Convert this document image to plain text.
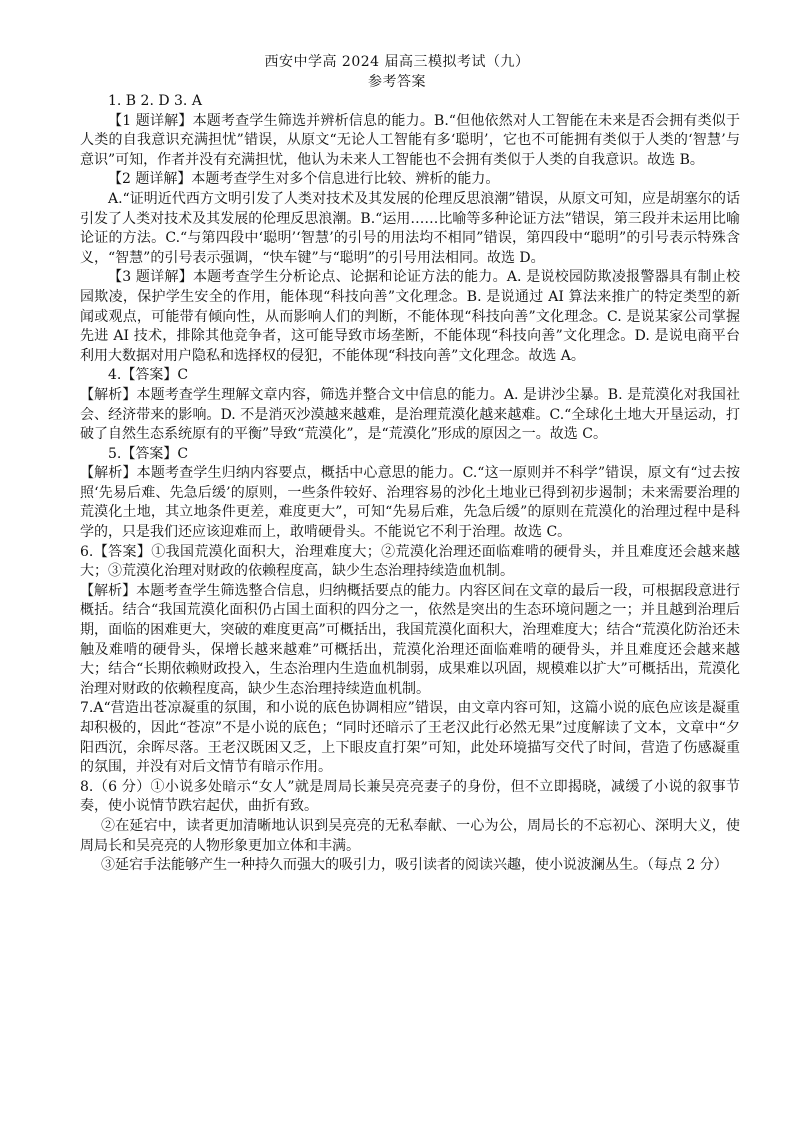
西安中学高 2024 届高三模拟考试（九）
参考答案

1. B 2. D 3. A

【1 题详解】本题考查学生筛选并辨析信息的能力。B.“但他依然对人工智能在未来是否会拥有类似于人类的自我意识充满担忧”错误，从原文“无论人工智能有多‘聪明’，它也不可能拥有类似于人类的‘智慧’与意识”可知，作者并没有充满担忧，他认为未来人工智能也不会拥有类似于人类的自我意识。故选 B。

【2 题详解】本题考查学生对多个信息进行比较、辨析的能力。

A.“证明近代西方文明引发了人类对技术及其发展的伦理反思浪潮”错误，从原文可知，应是胡塞尔的话引发了人类对技术及其发展的伦理反思浪潮。B.“运用……比喻等多种论证方法”错误，第三段并未运用比喻论证的方法。C.“与第四段中‘聪明’‘智慧’的引号的用法均不相同”错误，第四段中“聪明”的引号表示特殊含义，“智慧”的引号表示强调，“快车键”与“聪明”的引号用法相同。故选 D。

【3 题详解】本题考查学生分析论点、论据和论证方法的能力。A. 是说校园防欺凌报警器具有制止校园欺凌，保护学生安全的作用，能体现“科技向善”文化理念。B. 是说通过 AI 算法来推广的特定类型的新闻或观点，可能带有倾向性，从而影响人们的判断，不能体现“科技向善”文化理念。C. 是说某家公司掌握先进 AI 技术，排除其他竞争者，这可能导致市场垄断，不能体现“科技向善”文化理念。D. 是说电商平台利用大数据对用户隐私和选择权的侵犯，不能体现“科技向善”文化理念。故选 A。

4.【答案】C

【解析】本题考查学生理解文章内容，筛选并整合文中信息的能力。A. 是讲沙尘暴。B. 是荒漠化对我国社会、经济带来的影响。D. 不是消灭沙漠越来越难，是治理荒漠化越来越难。C.“全球化土地大开垦运动，打破了自然生态系统原有的平衡”导致“荒漠化”，是“荒漠化”形成的原因之一。故选 C。

5.【答案】C

【解析】本题考查学生归纳内容要点，概括中心意思的能力。C.“这一原则并不科学”错误，原文有“过去按照‘先易后难、先急后缓’的原则，一些条件较好、治理容易的沙化土地业已得到初步遏制；未来需要治理的荒漠化土地，其立地条件更差，难度更大”，可知“先易后难，先急后缓”的原则在荒漠化的治理过程中是科学的，只是我们还应该迎难而上，敢啃硬骨头。不能说它不利于治理。故选 C。

6.【答案】①我国荒漠化面积大，治理难度大；②荒漠化治理还面临难啃的硬骨头，并且难度还会越来越大；③荒漠化治理对财政的依赖程度高，缺少生态治理持续造血机制。

【解析】本题考查学生筛选整合信息，归纳概括要点的能力。内容区间在文章的最后一段，可根据段意进行概括。结合“我国荒漠化面积仍占国土面积的四分之一，依然是突出的生态环境问题之一；并且越到治理后期，面临的困难更大，突破的难度更高”可概括出，我国荒漠化面积大，治理难度大；结合“荒漠化防治还未触及难啃的硬骨头，保增长越来越难”可概括出，荒漠化治理还面临难啃的硬骨头，并且难度还会越来越大；结合“长期依赖财政投入，生态治理内生造血机制弱，成果难以巩固，规模难以扩大”可概括出，荒漠化治理对财政的依赖程度高，缺少生态治理持续造血机制。

7.A“营造出苍凉凝重的氛围，和小说的底色协调相应”错误，由文章内容可知，这篇小说的底色应该是凝重却积极的，因此“苍凉”不是小说的底色；“同时还暗示了王老汉此行必然无果”过度解读了文本，文章中“夕阳西沉，余晖尽落。王老汉既困又乏，上下眼皮直打架”可知，此处环境描写交代了时间，营造了伤感凝重的氛围，并没有对后文情节有暗示作用。

8.（6 分）①小说多处暗示“女人”就是周局长兼吴亮亮妻子的身份，但不立即揭晓，减缓了小说的叙事节奏，使小说情节跌宕起伏，曲折有致。

②在延宕中，读者更加清晰地认识到吴亮亮的无私奉献、一心为公，周局长的不忘初心、深明大义，使周局长和吴亮亮的人物形象更加立体和丰满。

③延宕手法能够产生一种持久而强大的吸引力，吸引读者的阅读兴趣，使小说波澜丛生。（每点 2 分）
